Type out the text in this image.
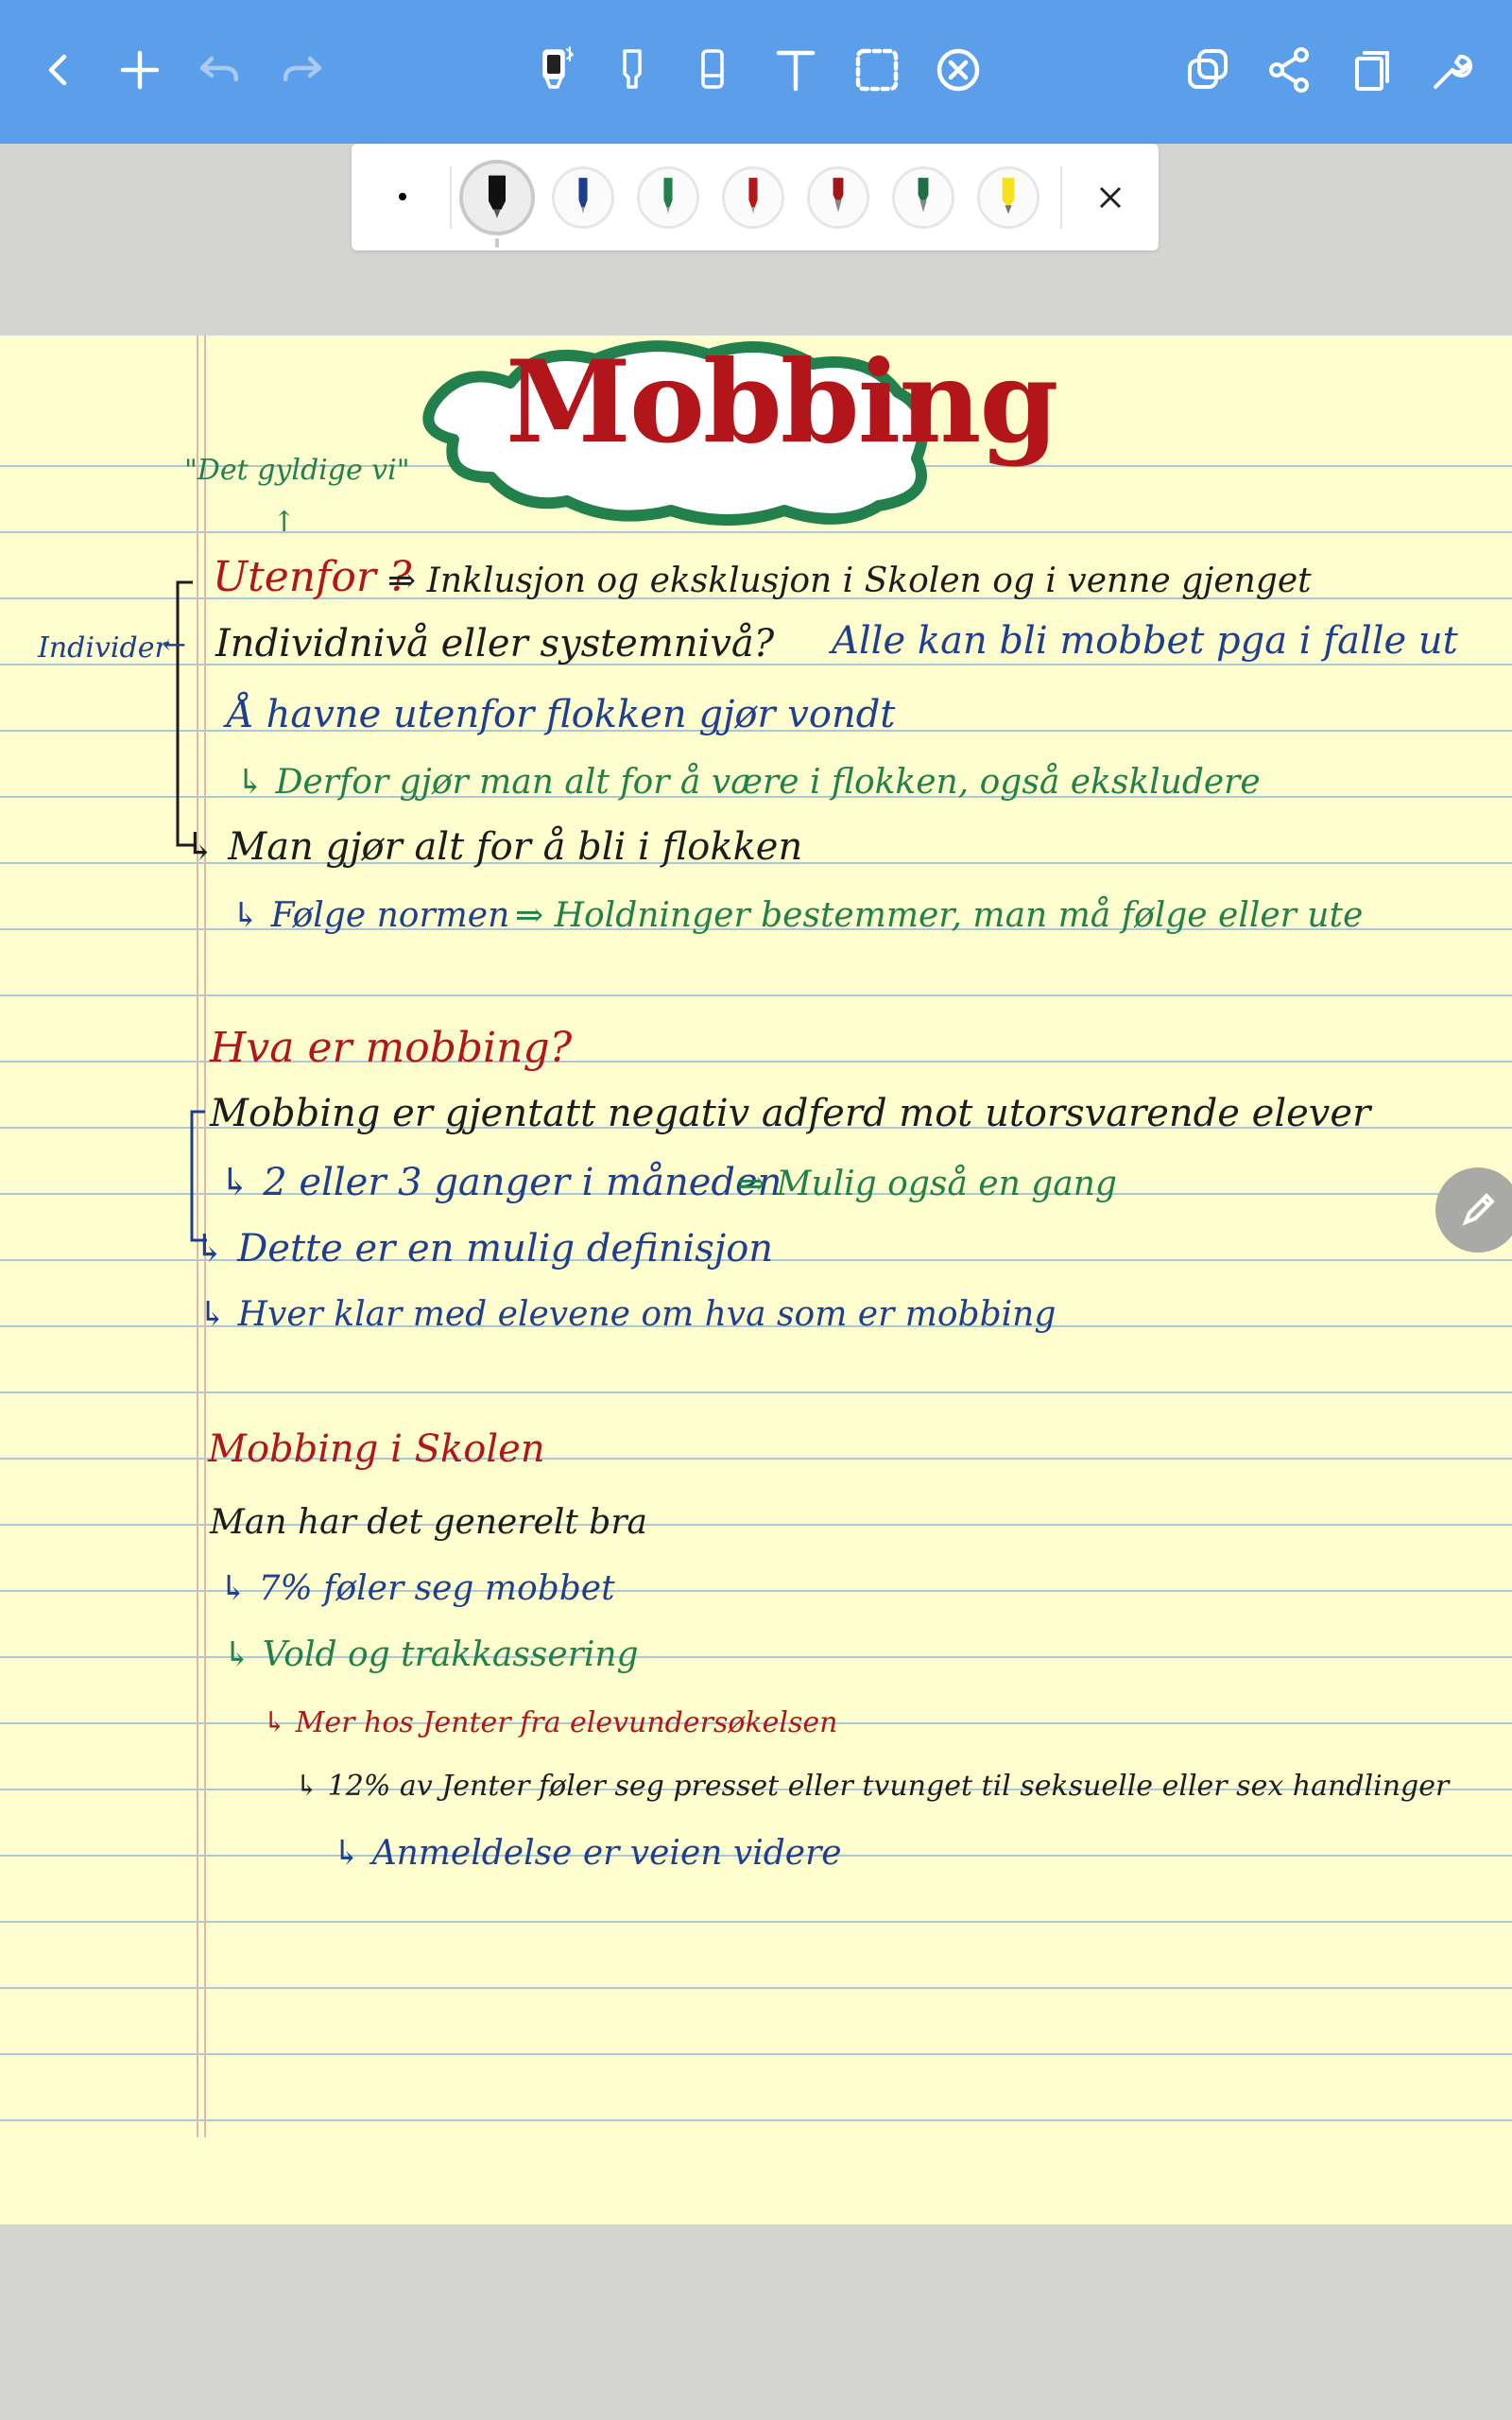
Mobbing
"Det gyldige vi"
↑
Utenfor ?
⇒ Inklusjon og eksklusjon i Skolen og i venne gjenget
Individer
← Individnivå eller systemnivå? Alle kan bli mobbet pga i falle ut
Å havne utenfor flokken gjør vondt
↳ Derfor gjør man alt for å være i flokken, også ekskludere
↳ Man gjør alt for å bli i flokken
↳ Følge normen ⇒ Holdninger bestemmer, man må følge eller ute
Hva er mobbing?
Mobbing er gjentatt negativ adferd mot utorsvarende elever
↳ 2 eller 3 ganger i måneden
⇒ Mulig også en gang
↳ Dette er en mulig definisjon
↳ Hver klar med elevene om hva som er mobbing
Mobbing i Skolen
Man har det generelt bra
↳ 7% føler seg mobbet
↳ Vold og trakkassering
↳ Mer hos Jenter fra elevundersøkelsen
↳ 12% av Jenter føler seg presset eller tvunget til seksuelle eller sex handlinger
↳ Anmeldelse er veien videre
